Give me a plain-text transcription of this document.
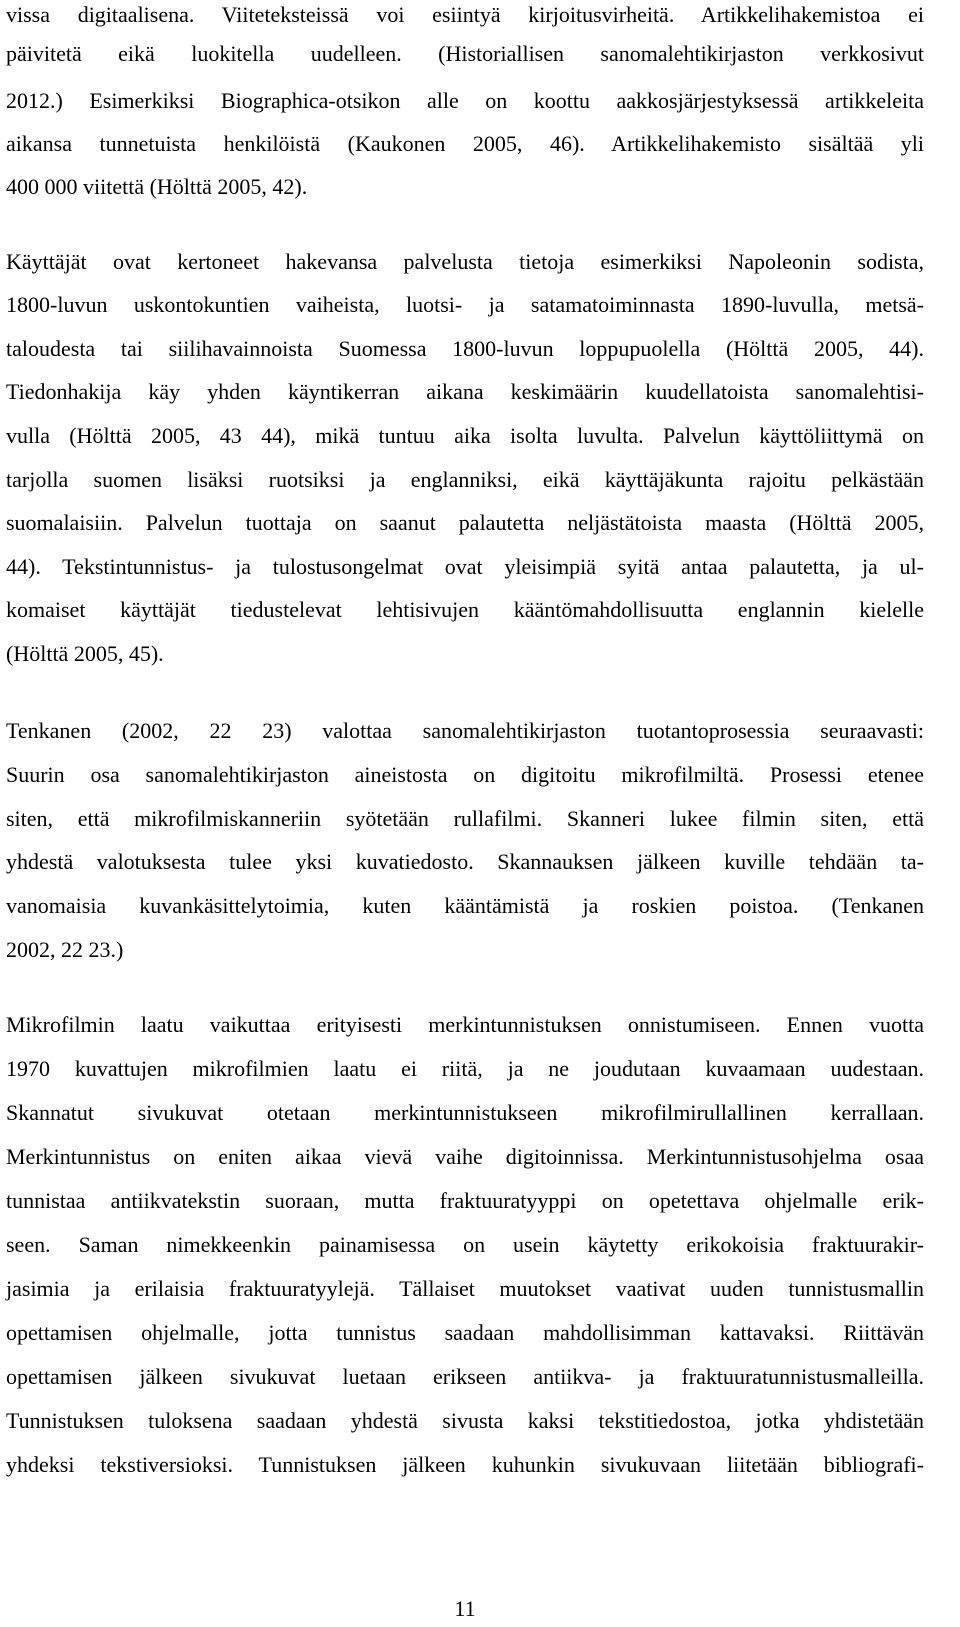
vissa digitaalisena. Viiteteksteissä voi esiintyä kirjoitusvirheitä. Artikkelihakemistoa ei
päivitetä eikä luokitella uudelleen. (Historiallisen sanomalehtikirjaston verkkosivut
2012.) Esimerkiksi Biographica-otsikon alle on koottu aakkosjärjestyksessä artikkeleita
aikansa tunnetuista henkilöistä (Kaukonen 2005, 46). Artikkelihakemisto sisältää yli
400 000 viitettä (Hölttä 2005, 42).
Käyttäjät ovat kertoneet hakevansa palvelusta tietoja esimerkiksi Napoleonin sodista,
1800-luvun uskontokuntien vaiheista, luotsi- ja satamatoiminnasta 1890-luvulla, metsä-
taloudesta tai siilihavainnoista Suomessa 1800-luvun loppupuolella (Hölttä 2005, 44).
Tiedonhakija käy yhden käyntikerran aikana keskimäärin kuudellatoista sanomalehtisi-
vulla (Hölttä 2005, 43 44), mikä tuntuu aika isolta luvulta. Palvelun käyttöliittymä on
tarjolla suomen lisäksi ruotsiksi ja englanniksi, eikä käyttäjäkunta rajoitu pelkästään
suomalaisiin. Palvelun tuottaja on saanut palautetta neljästätoista maasta (Hölttä 2005,
44). Tekstintunnistus- ja tulostusongelmat ovat yleisimpiä syitä antaa palautetta, ja ul-
komaiset käyttäjät tiedustelevat lehtisivujen kääntömahdollisuutta englannin kielelle
(Hölttä 2005, 45).
Tenkanen (2002, 22 23) valottaa sanomalehtikirjaston tuotantoprosessia seuraavasti:
Suurin osa sanomalehtikirjaston aineistosta on digitoitu mikrofilmiltä. Prosessi etenee
siten, että mikrofilmiskanneriin syötetään rullafilmi. Skanneri lukee filmin siten, että
yhdestä valotuksesta tulee yksi kuvatiedosto. Skannauksen jälkeen kuville tehdään ta-
vanomaisia kuvankäsittelytoimia, kuten kääntämistä ja roskien poistoa. (Tenkanen
2002, 22 23.)
Mikrofilmin laatu vaikuttaa erityisesti merkintunnistuksen onnistumiseen. Ennen vuotta
1970 kuvattujen mikrofilmien laatu ei riitä, ja ne joudutaan kuvaamaan uudestaan.
Skannatut sivukuvat otetaan merkintunnistukseen mikrofilmirullallinen kerrallaan.
Merkintunnistus on eniten aikaa vievä vaihe digitoinnissa. Merkintunnistusohjelma osaa
tunnistaa antiikvatekstin suoraan, mutta fraktuuratyyppi on opetettava ohjelmalle erik-
seen. Saman nimekkeenkin painamisessa on usein käytetty erikokoisia fraktuurakir-
jasimia ja erilaisia fraktuuratyylejä. Tällaiset muutokset vaativat uuden tunnistusmallin
opettamisen ohjelmalle, jotta tunnistus saadaan mahdollisimman kattavaksi. Riittävän
opettamisen jälkeen sivukuvat luetaan erikseen antiikva- ja fraktuuratunnistusmalleilla.
Tunnistuksen tuloksena saadaan yhdestä sivusta kaksi tekstitiedostoa, jotka yhdistetään
yhdeksi tekstiversioksi. Tunnistuksen jälkeen kuhunkin sivukuvaan liitetään bibliografi-
11
